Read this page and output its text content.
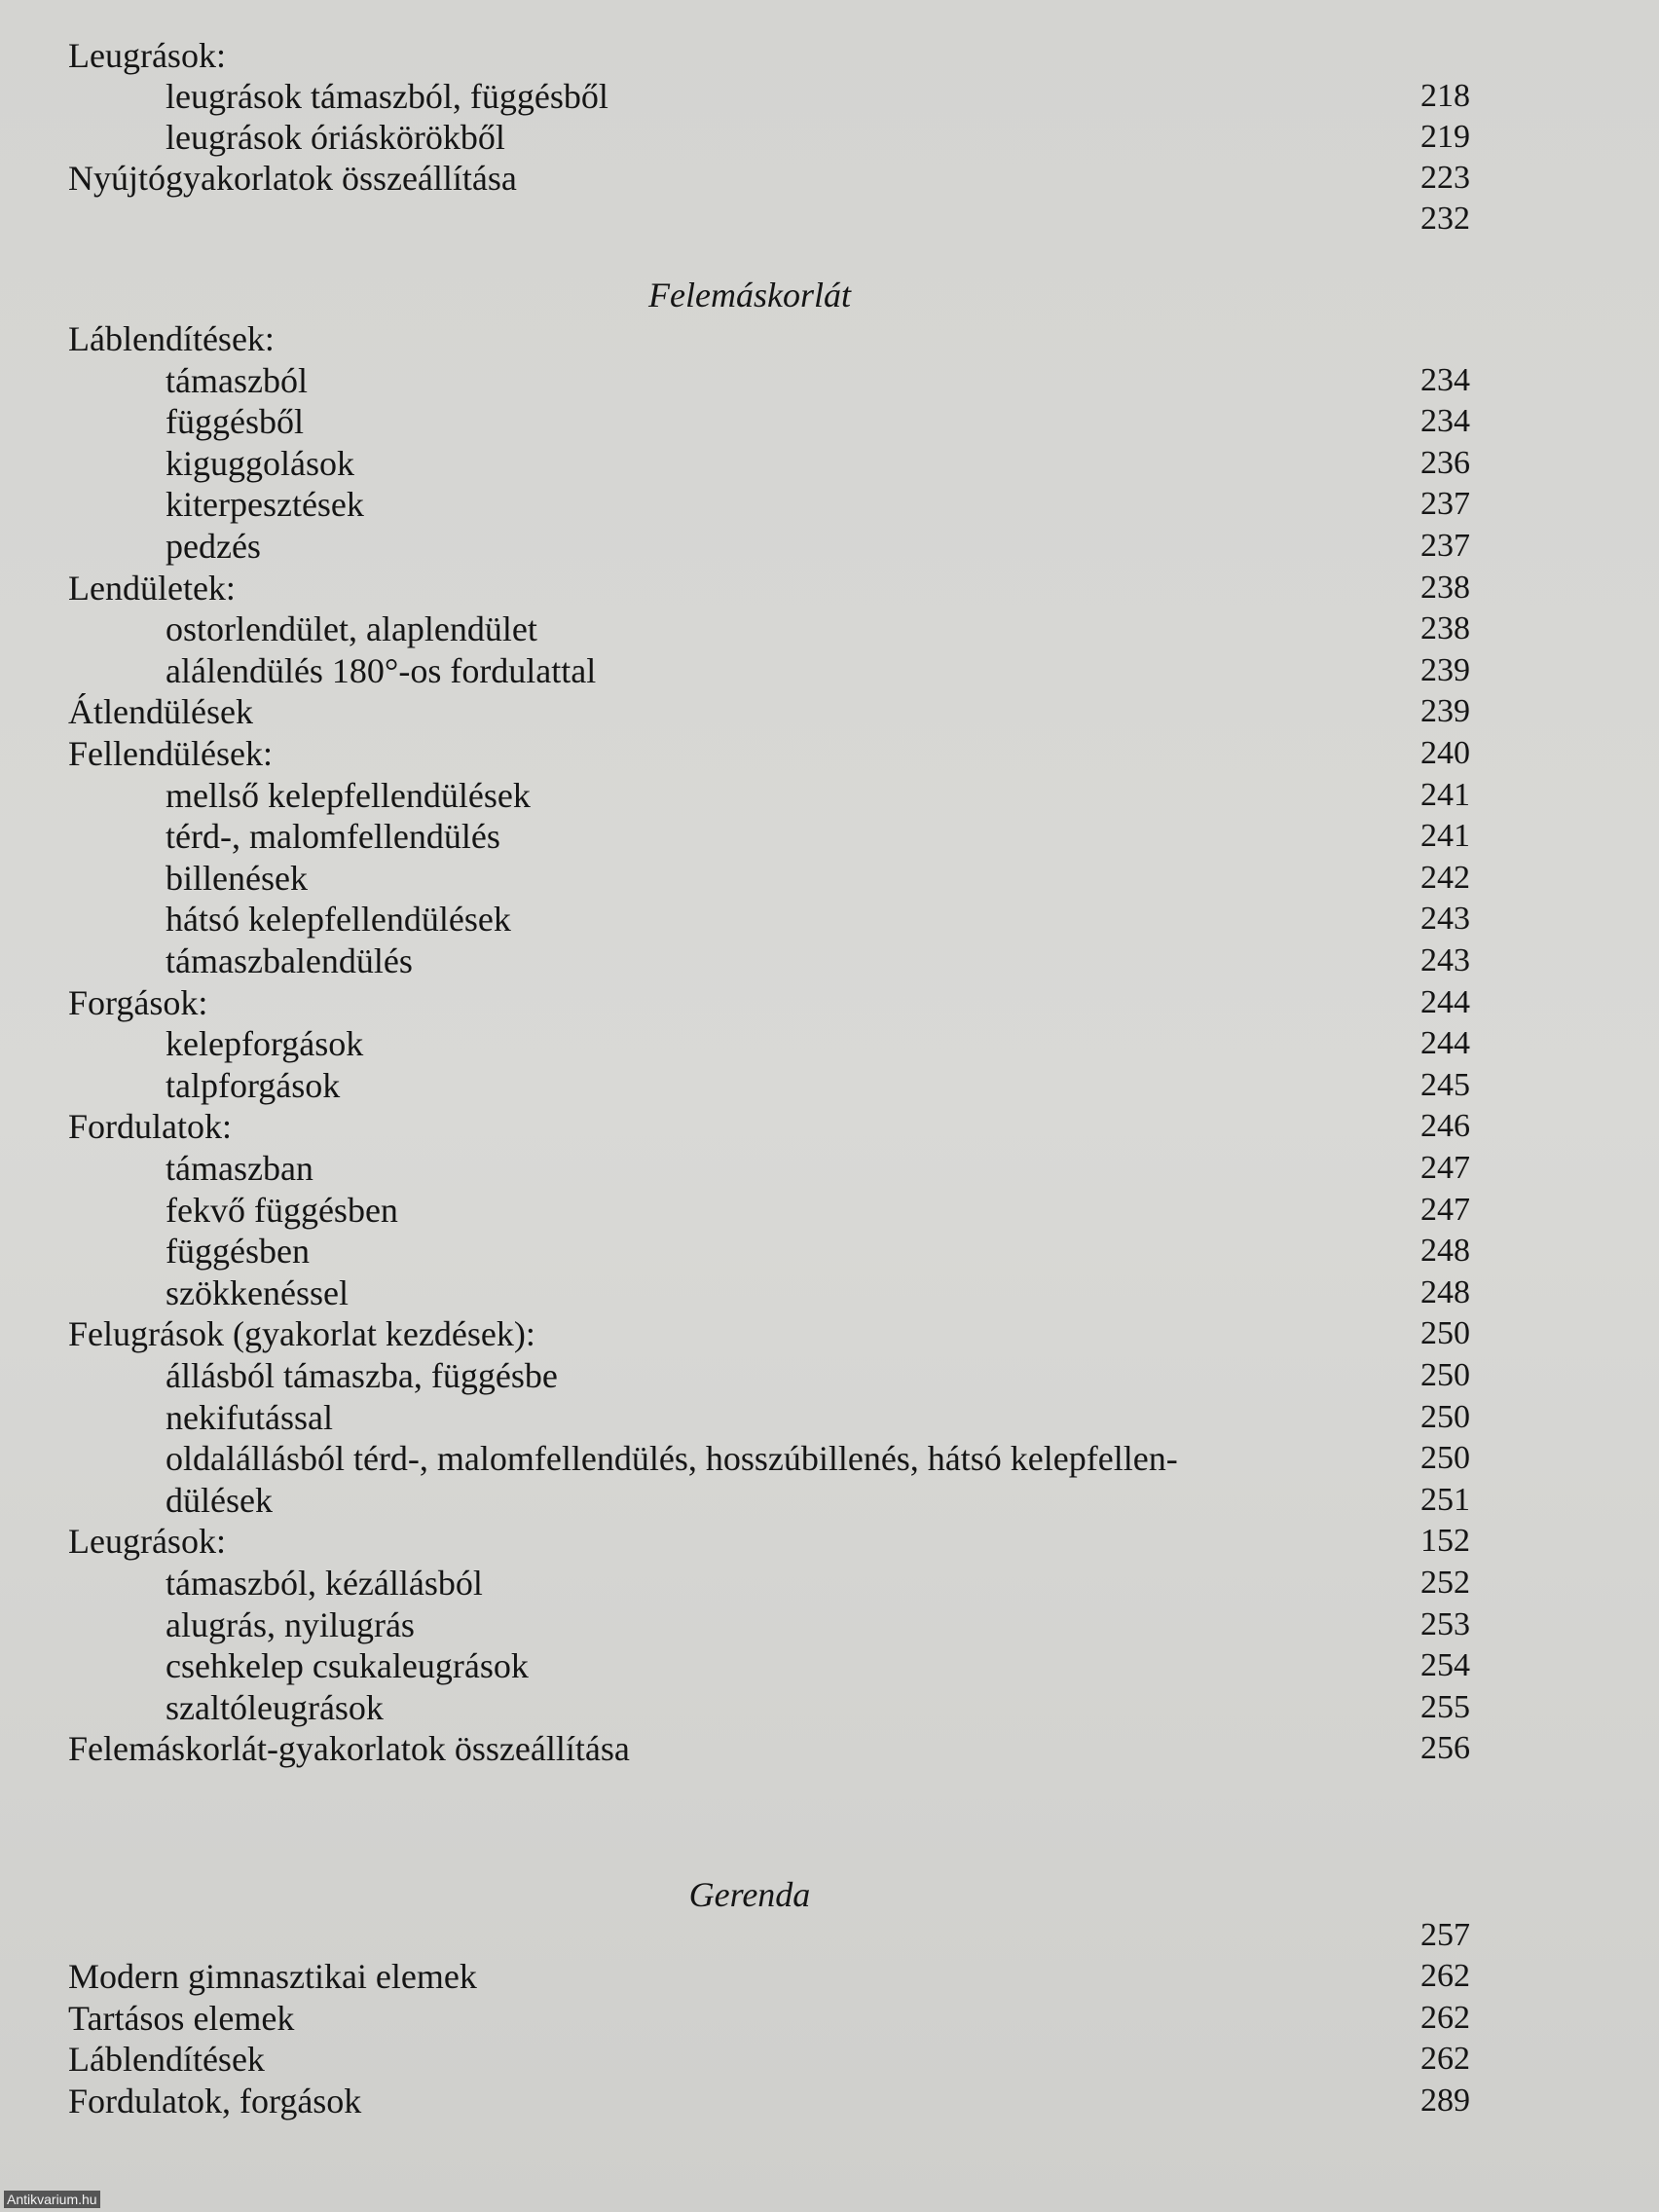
Leugrások:
leugrások támaszból, függésből	218
leugrások óriáskörökből	219
Nyújtógyakorlatok összeállítása	223
232
Felemáskorlát
Láblendítések:
támaszból	234
függésből	234
kiguggolások	236
kiterpesztések	237
pedzés	237
Lendületek:	238
ostorlendület, alaplendület	238
alálendülés 180°-os fordulattal	239
Átlendülések	239
Fellendülések:	240
mellső kelepfellendülések	241
térd-, malomfellendülés	241
billenések	242
hátsó kelepfellendülések	243
támaszbalendülés	243
Forgások:	244
kelepforgások	244
talpforgások	245
Fordulatok:	246
támaszban	247
fekvő függésben	247
függésben	248
szökkenéssel	248
Felugrások (gyakorlat kezdések):	250
állásból támaszba, függésbe	250
nekifutással	250
oldalállásból térd-, malomfellendülés, hosszúbillenés, hátsó kelepfellen-	250
dülések	251
Leugrások:	152
támaszból, kézállásból	252
alugrás, nyilugrás	253
csehkelep csukaleugrások	254
szaltóleugrások	255
Felemáskorlát-gyakorlatok összeállítása	256
Gerenda
257
Modern gimnasztikai elemek	262
Tartásos elemek	262
Láblendítések	262
Fordulatok, forgások	289
Antikvarium.hu
